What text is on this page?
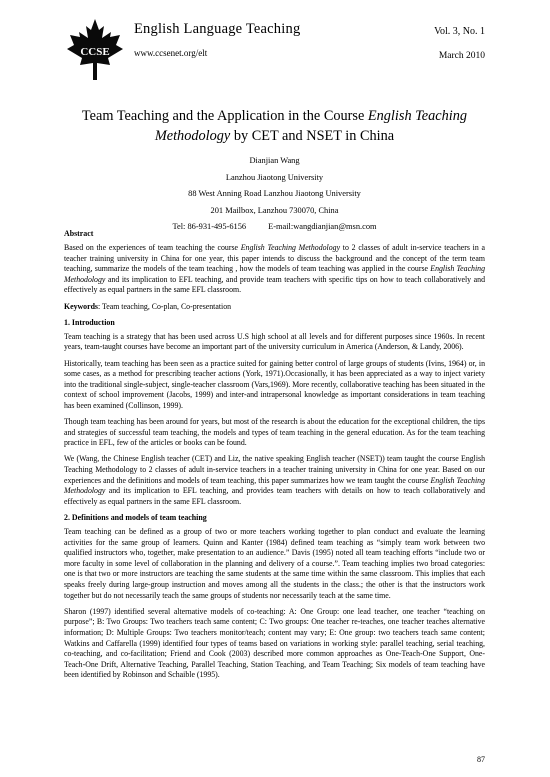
CCSE
English Language Teaching
www.ccsenet.org/elt
Vol. 3, No. 1
March 2010
Team Teaching and the Application in the Course English Teaching Methodology by CET and NSET in China
Dianjian Wang
Lanzhou Jiaotong University
88 West Anning Road Lanzhou Jiaotong University
201 Mailbox, Lanzhou 730070, China
Tel: 86-931-495-6156	E-mail:wangdianjian@msn.com
Abstract

Based on the experiences of team teaching the course English Teaching Methodology to 2 classes of adult in-service teachers in a teacher training university in China for one year, this paper intends to discuss the background and the concept of the term team teaching, summarize the models of the team teaching , how the models of team teaching was applied in the course English Teaching Methodology and its implication to EFL teaching, and provide team teachers with specific tips on how to teach collaboratively and effectively as equal partners in the same EFL classroom.

Keywords: Team teaching, Co-plan, Co-presentation

1. Introduction

Team teaching is a strategy that has been used across U.S high school at all levels and for different purposes since 1960s. In recent years, team-taught courses have become an important part of the university curriculum in America (Anderson, & Landy, 2006).

Historically, team teaching has been seen as a practice suited for gaining better control of large groups of students (Ivins, 1964) or, in some cases, as a method for prescribing teacher actions (York, 1971).Occasionally, it has been appreciated as a way to inject variety into the traditional single-subject, single-teacher classroom (Vars,1969). More recently, collaborative teaching has been situated in the context of school improvement (Jacobs, 1999) and inter-and intrapersonal knowledge as important considerations in team teaching has been examined (Collinson, 1999).

Though team teaching has been around for years, but most of the research is about the education for the exceptional children, the tips and strategies of successful team teaching, the models and types of team teaching in the general education. As for the team teaching practice in EFL, few of the articles or books can be found.

We (Wang, the Chinese English teacher (CET) and Liz, the native speaking English teacher (NSET)) team taught the course English Teaching Methodology to 2 classes of adult in-service teachers in a teacher training university in China for one year. Based on our experiences and the definitions and models of team teaching, this paper summarizes how we team taught the course English Teaching Methodology and its implication to EFL teaching, and provides team teachers with details on how to teach collaboratively and effectively as equal partners in the same EFL classroom.

2. Definitions and models of team teaching

Team teaching can be defined as a group of two or more teachers working together to plan conduct and evaluate the learning activities for the same group of learners. Quinn and Kanter (1984) defined team teaching as “simply team work between two qualified instructors who, together, make presentation to an audience.” Davis (1995) noted all team teaching efforts “include two or more faculty in some level of collaboration in the planning and delivery of a course.”. Team teaching implies two broad categories: one is that two or more instructors are teaching the same students at the same time within the same classroom. This implies that each speaks freely during large-group instruction and moves among all the students in the class.; the other is that the instructors work together but do not necessarily teach the same groups of students nor necessarily teach at the same time.

Sharon (1997) identified several alternative models of co-teaching: A: One Group: one lead teacher, one teacher “teaching on purpose”; B: Two Groups: Two teachers teach same content; C: Two groups: One teacher re-teaches, one teacher teaches alternative information; D: Multiple Groups: Two teachers monitor/teach; content may vary; E: One group: two teachers teach same content; Watkins and Caffarella (1999) identified four types of teams based on variations in working style: parallel teaching, serial teaching, co-teaching, and co-facilitation; Friend and Cook (2003) described more common approaches as One-Teach-One Support, One-Teach-One Drift, Alternative Teaching, Parallel Teaching, Station Teaching, and Team Teaching; Six models of team teaching have been identified by Robinson and Schaible (1995).

87
